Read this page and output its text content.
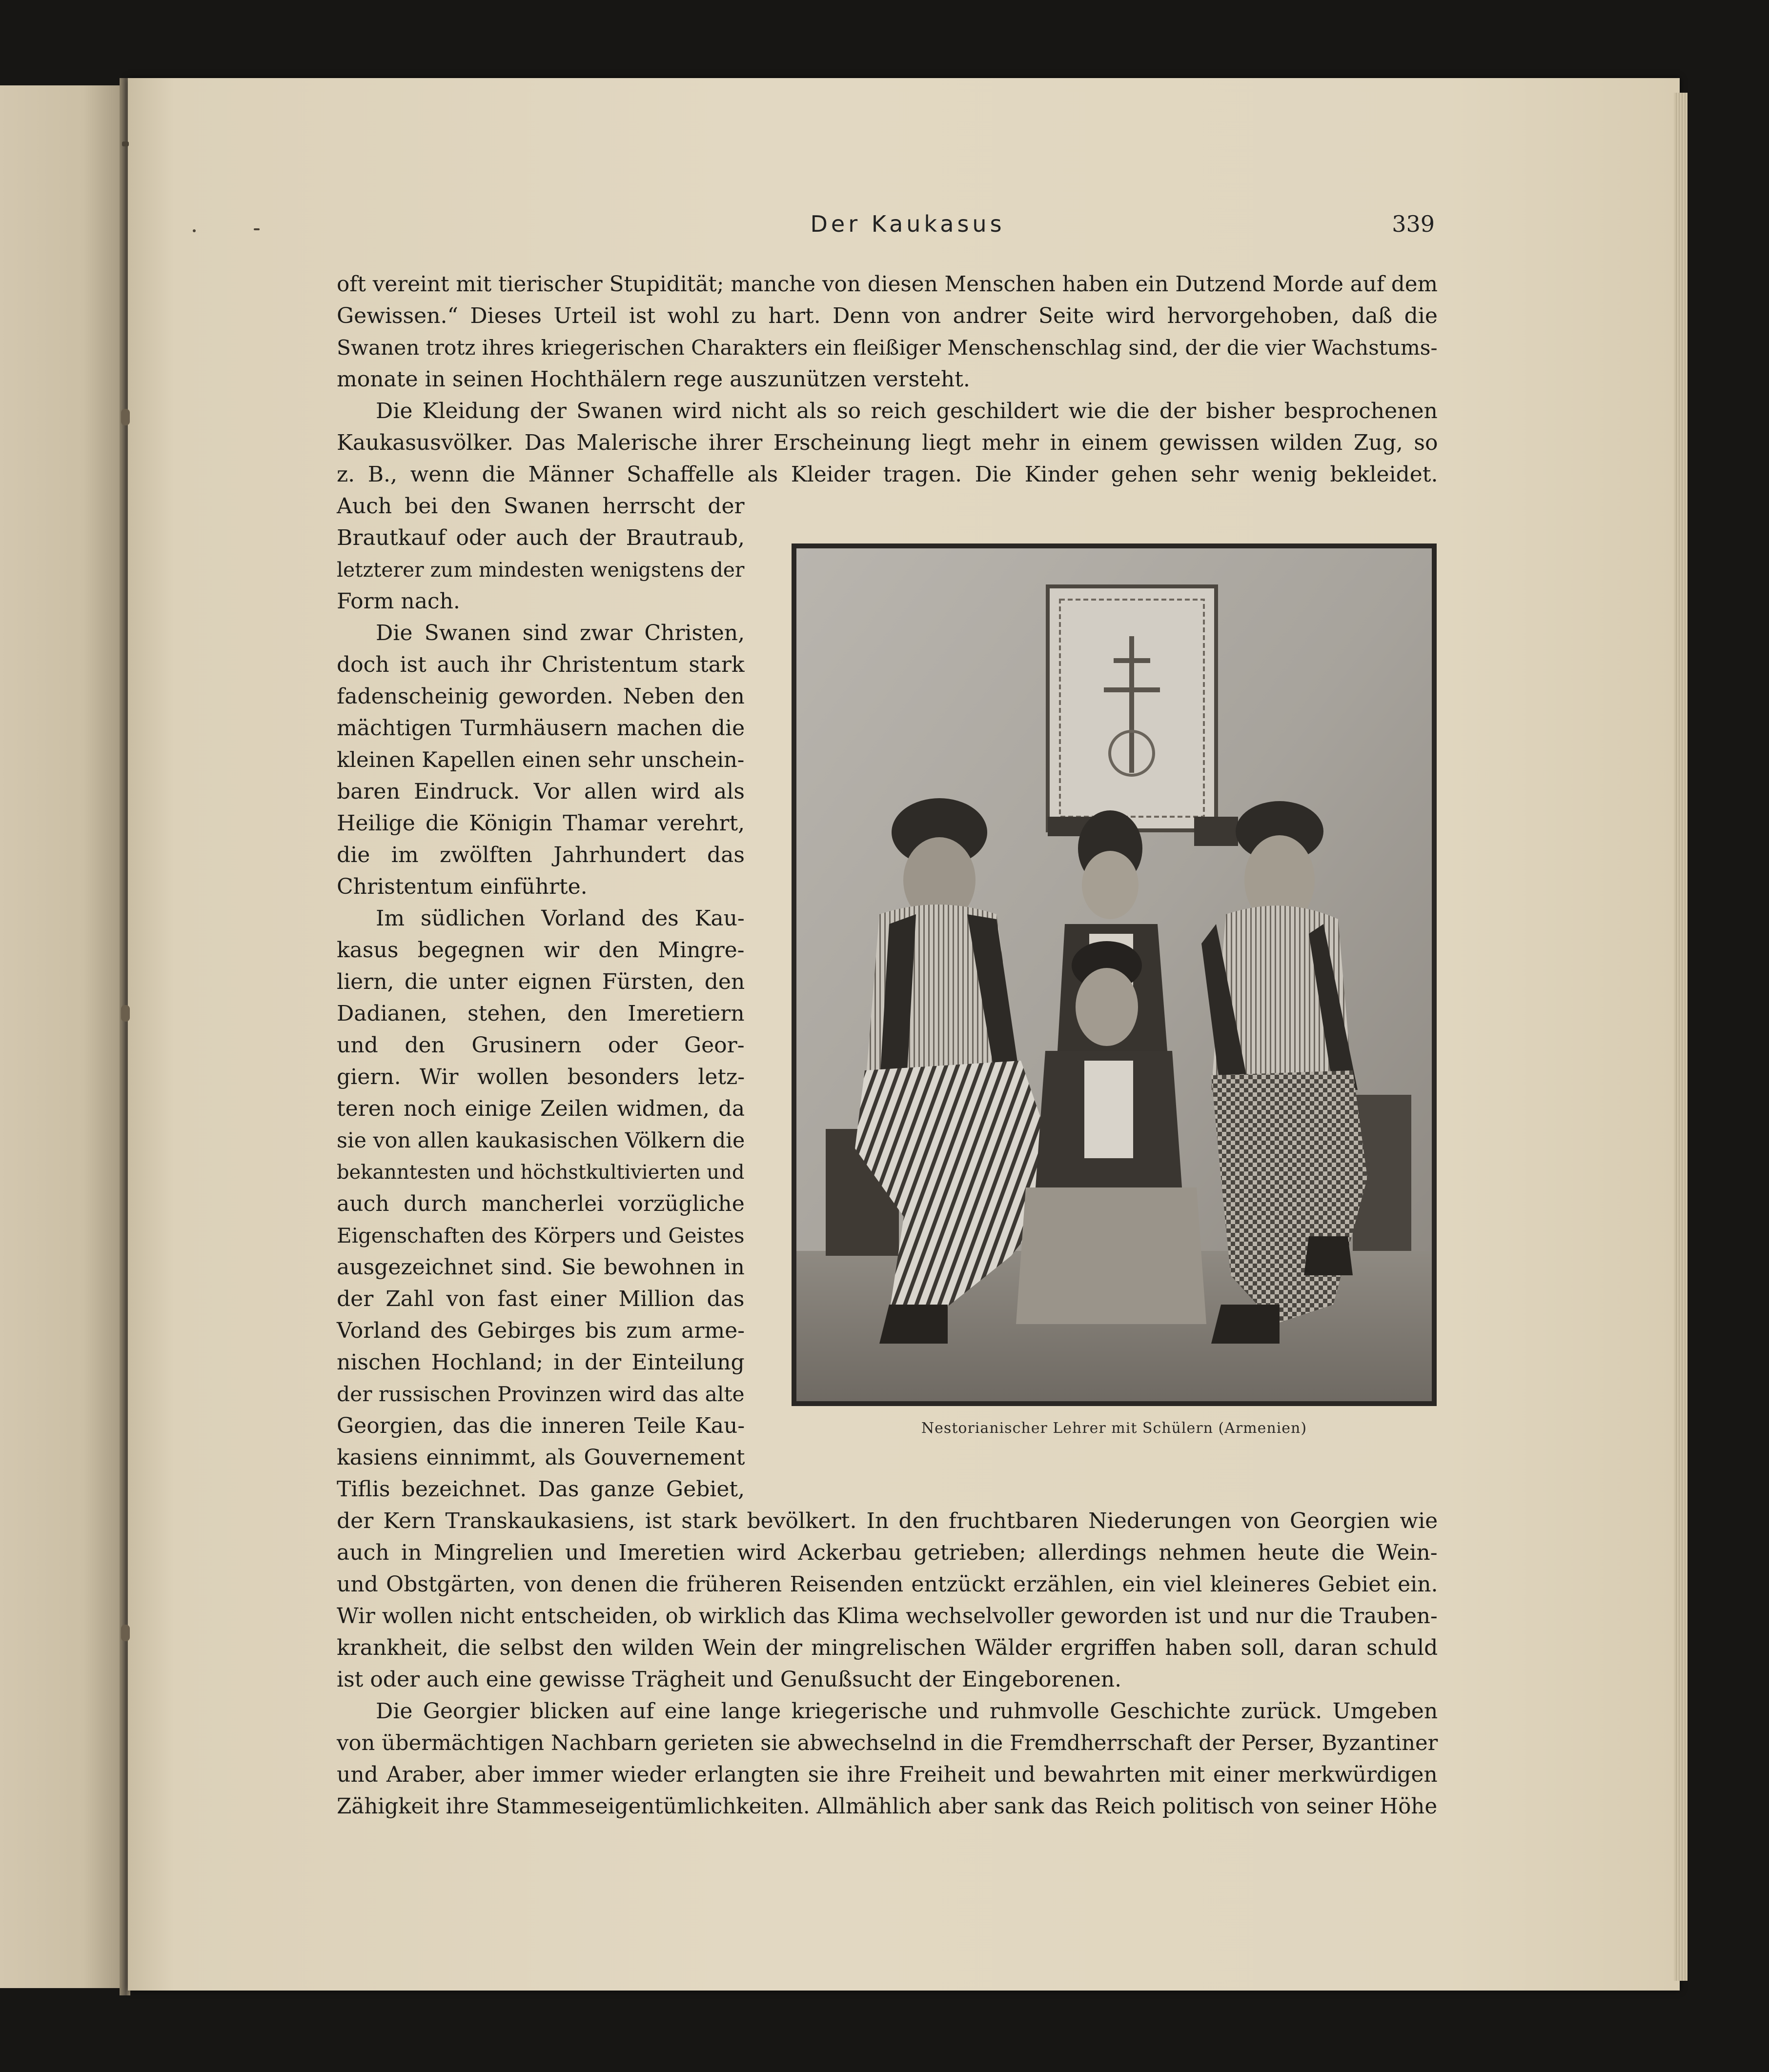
Der Kaukasus	339
oft vereint mit tierischer Stupidität; manche von diesen Menschen haben ein Dutzend Morde auf dem
Gewissen.“ Dieses Urteil ist wohl zu hart. Denn von andrer Seite wird hervorgehoben, daß die
Swanen trotz ihres kriegerischen Charakters ein fleißiger Menschenschlag sind, der die vier Wachstums-
monate in seinen Hochthälern rege auszunützen versteht.
Die Kleidung der Swanen wird nicht als so reich geschildert wie die der bisher besprochenen
Kaukasusvölker. Das Malerische ihrer Erscheinung liegt mehr in einem gewissen wilden Zug, so
z. B., wenn die Männer Schaffelle als Kleider tragen. Die Kinder gehen sehr wenig bekleidet.
Auch bei den Swanen herrscht der
Brautkauf oder auch der Brautraub,
letzterer zum mindesten wenigstens der
Form nach.
Die Swanen sind zwar Christen,
doch ist auch ihr Christentum stark
fadenscheinig geworden. Neben den
mächtigen Turmhäusern machen die
kleinen Kapellen einen sehr unschein-
baren Eindruck. Vor allen wird als
Heilige die Königin Thamar verehrt,
die im zwölften Jahrhundert das
Christentum einführte.
Im südlichen Vorland des Kau-
kasus begegnen wir den Mingre-
liern, die unter eignen Fürsten, den
Dadianen, stehen, den Imeretiern
und den Grusinern oder Geor-
giern. Wir wollen besonders letz-
teren noch einige Zeilen widmen, da
sie von allen kaukasischen Völkern die
bekanntesten und höchstkultivierten und
auch durch mancherlei vorzügliche
Eigenschaften des Körpers und Geistes
ausgezeichnet sind. Sie bewohnen in
der Zahl von fast einer Million das
Vorland des Gebirges bis zum arme-
nischen Hochland; in der Einteilung
der russischen Provinzen wird das alte
Georgien, das die inneren Teile Kau-
kasiens einnimmt, als Gouvernement
Tiflis bezeichnet. Das ganze Gebiet,
der Kern Transkaukasiens, ist stark bevölkert. In den fruchtbaren Niederungen von Georgien wie
auch in Mingrelien und Imeretien wird Ackerbau getrieben; allerdings nehmen heute die Wein-
und Obstgärten, von denen die früheren Reisenden entzückt erzählen, ein viel kleineres Gebiet ein.
Wir wollen nicht entscheiden, ob wirklich das Klima wechselvoller geworden ist und nur die Trauben-
krankheit, die selbst den wilden Wein der mingrelischen Wälder ergriffen haben soll, daran schuld
ist oder auch eine gewisse Trägheit und Genußsucht der Eingeborenen.
Die Georgier blicken auf eine lange kriegerische und ruhmvolle Geschichte zurück. Umgeben
von übermächtigen Nachbarn gerieten sie abwechselnd in die Fremdherrschaft der Perser, Byzantiner
und Araber, aber immer wieder erlangten sie ihre Freiheit und bewahrten mit einer merkwürdigen
Zähigkeit ihre Stammeseigentümlichkeiten. Allmählich aber sank das Reich politisch von seiner Höhe
Nestorianischer Lehrer mit Schülern (Armenien)
